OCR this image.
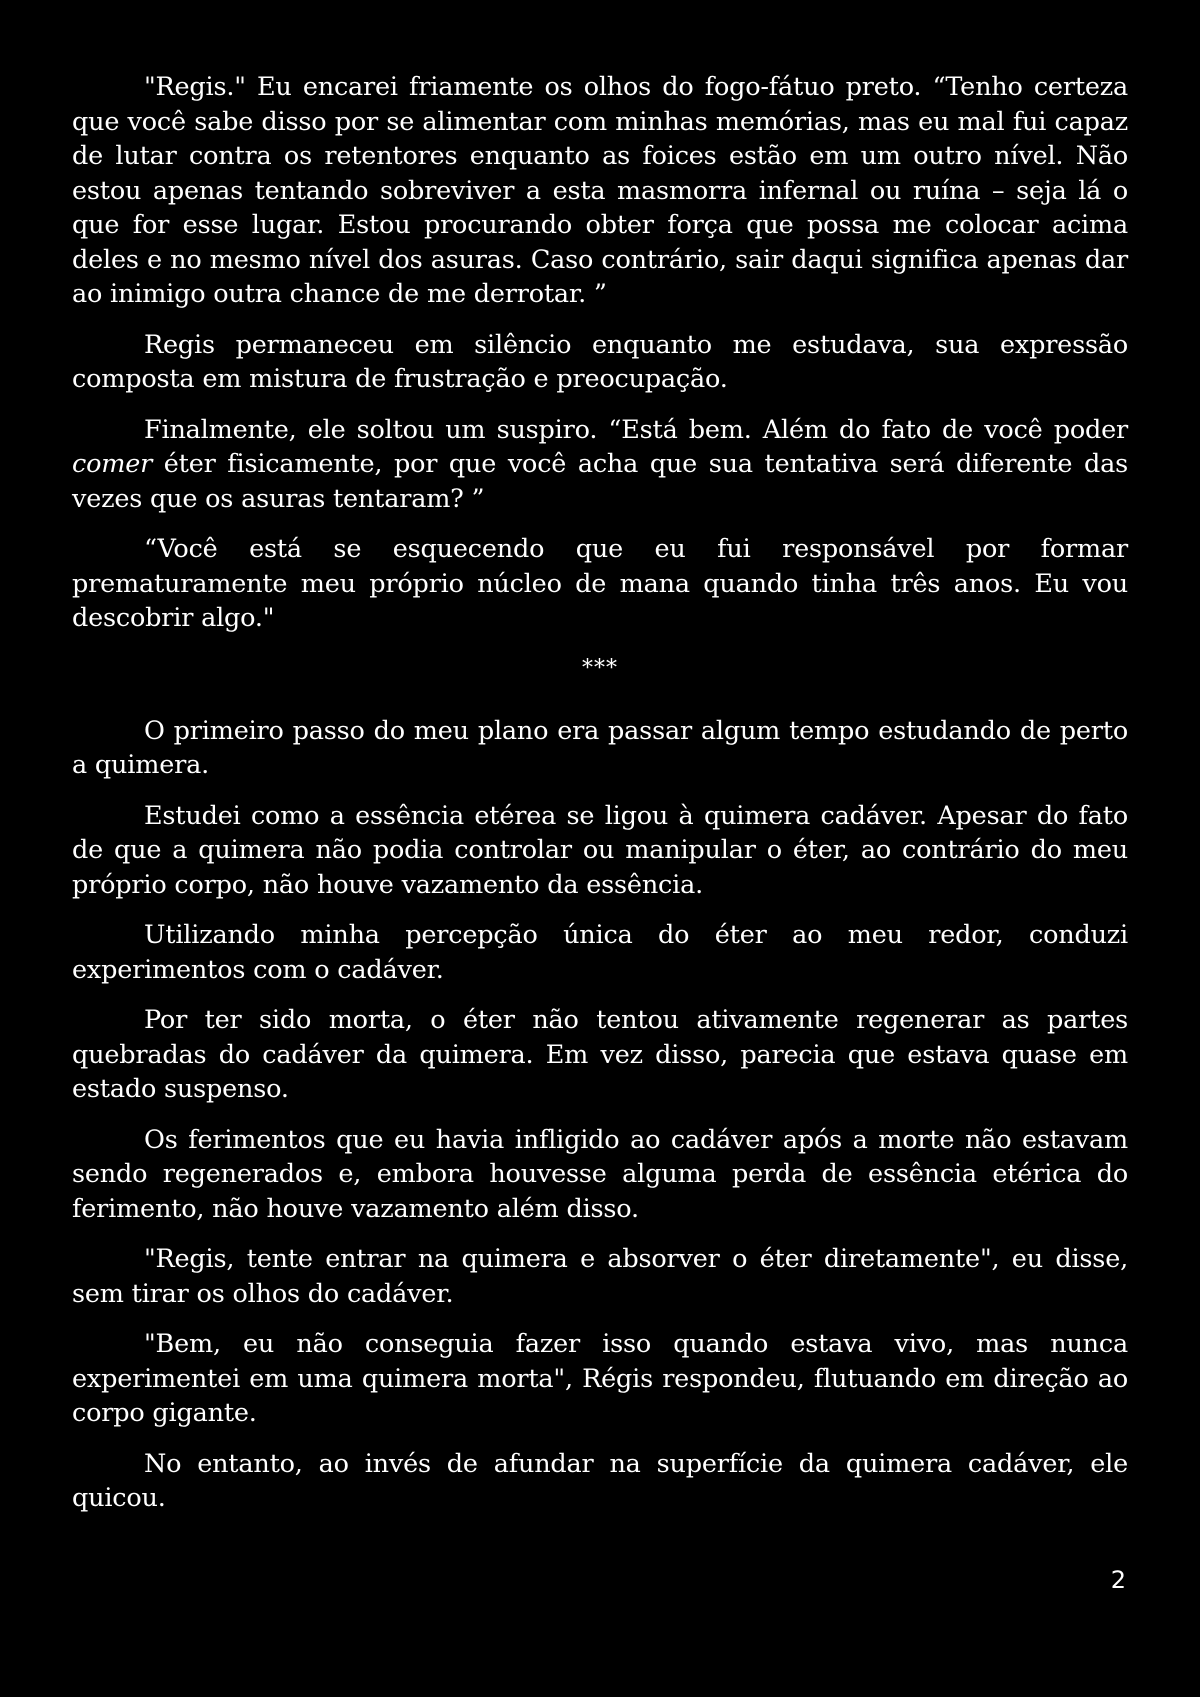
"Regis." Eu encarei friamente os olhos do fogo-fátuo preto. “Tenho certeza que você sabe disso por se alimentar com minhas memórias, mas eu mal fui capaz de lutar contra os retentores enquanto as foices estão em um outro nível. Não estou apenas tentando sobreviver a esta masmorra infernal ou ruína – seja lá o que for esse lugar. Estou procurando obter força que possa me colocar acima deles e no mesmo nível dos asuras. Caso contrário, sair daqui significa apenas dar ao inimigo outra chance de me derrotar. ”

Regis permaneceu em silêncio enquanto me estudava, sua expressão composta em mistura de frustração e preocupação.

Finalmente, ele soltou um suspiro. “Está bem. Além do fato de você poder comer éter fisicamente, por que você acha que sua tentativa será diferente das vezes que os asuras tentaram? ”

“Você está se esquecendo que eu fui responsável por formar prematuramente meu próprio núcleo de mana quando tinha três anos. Eu vou descobrir algo."

***

O primeiro passo do meu plano era passar algum tempo estudando de perto a quimera.

Estudei como a essência etérea se ligou à quimera cadáver. Apesar do fato de que a quimera não podia controlar ou manipular o éter, ao contrário do meu próprio corpo, não houve vazamento da essência.

Utilizando minha percepção única do éter ao meu redor, conduzi experimentos com o cadáver.

Por ter sido morta, o éter não tentou ativamente regenerar as partes quebradas do cadáver da quimera. Em vez disso, parecia que estava quase em estado suspenso.

Os ferimentos que eu havia infligido ao cadáver após a morte não estavam sendo regenerados e, embora houvesse alguma perda de essência etérica do ferimento, não houve vazamento além disso.

"Regis, tente entrar na quimera e absorver o éter diretamente", eu disse, sem tirar os olhos do cadáver.

"Bem, eu não conseguia fazer isso quando estava vivo, mas nunca experimentei em uma quimera morta", Régis respondeu, flutuando em direção ao corpo gigante.

No entanto, ao invés de afundar na superfície da quimera cadáver, ele quicou.

2
